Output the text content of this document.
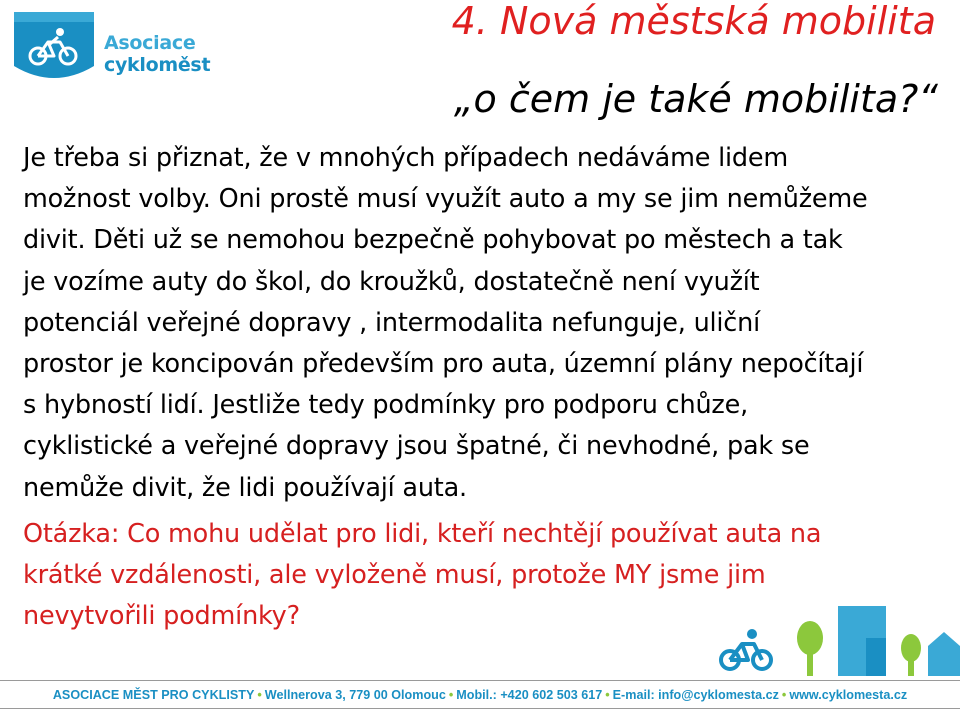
Asociace
cykloměst
4. Nová městská mobilita
„o čem je také mobilita?“

Je třeba si přiznat, že v mnohých případech nedáváme lidem
možnost volby. Oni prostě musí využít auto a my se jim nemůžeme
divit. Děti už se nemohou bezpečně pohybovat po městech a tak
je vozíme auty do škol, do kroužků, dostatečně není využít
potenciál veřejné dopravy , intermodalita nefunguje, uliční
prostor je koncipován především pro auta, územní plány nepočítají
s hybností lidí. Jestliže tedy podmínky pro podporu chůze,
cyklistické a veřejné dopravy jsou špatné, či nevhodné, pak se
nemůže divit, že lidi používají auta.

Otázka: Co mohu udělat pro lidi, kteří nechtějí používat auta na
krátké vzdálenosti, ale vyloženě musí, protože MY jsme jim
nevytvořili podmínky?

ASOCIACE MĚST PRO CYKLISTY • Wellnerova 3, 779 00 Olomouc • Mobil.: +420 602 503 617 • E-mail: info@cyklomesta.cz • www.cyklomesta.cz
